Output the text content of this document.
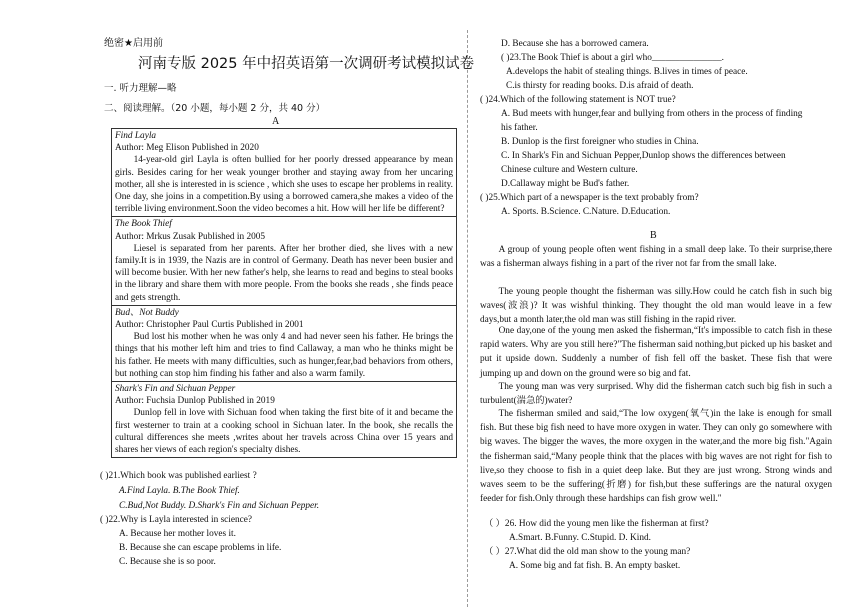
绝密★启用前
河南专版 2025 年中招英语第一次调研考试模拟试卷
一. 听力理解—略
二、阅读理解。（20 小题，每小题 2 分，共 40 分）
A
Find Layla
Author: Meg Elison Published in 2020

14-year-old girl Layla is often bullied for her poorly dressed appearance by mean girls. Besides caring for her weak younger brother and staying away from her uncaring mother, all she is interested in is science , which she uses to escape her problems in reality. One day, she joins in a competition.By using a borrowed camera,she makes a video of the terrible living environment.Soon the video becomes a hit. How will her life be different?

The Book Thief
Author: Mrkus Zusak Published in 2005

Liesel is separated from her parents. After her brother died, she lives with a new family.It is in 1939, the Nazis are in control of Germany. Death has never been busier and will become busier. With her new father's help, she learns to read and begins to steal books in the library and share them with more people. From the books she reads , she finds peace and gets strength.

Bud、Not Buddy
Author: Christopher Paul Curtis Published in 2001

Bud lost his mother when he was only 4 and had never seen his father. He brings the things that his mother left him and tries to find Callaway, a man who he thinks might be his father. He meets with many difficulties, such as hunger,fear,bad behaviors from others, but nothing can stop him finding his father and also a warm family.

Shark's Fin and Sichuan Pepper
Author: Fuchsia Dunlop Published in 2019

Dunlop fell in love with Sichuan food when taking the first bite of it and became the first westerner to train at a cooking school in Sichuan later. In the book, she recalls the cultural differences she meets ,writes about her travels across China over 15 years and shares her views of each region's specialty dishes.

( )21.Which book was published earliest ?
A.Find Layla. B.The Book Thief.
C.Bud,Not Buddy. D.Shark's Fin and Sichuan Pepper.
( )22.Why is Layla interested in science?
A. Because her mother loves it.
B. Because she can escape problems in life.
C. Because she is so poor.
D. Because she has a borrowed camera.
( )23.The Book Thief is about a girl who_______________.
A.develops the habit of stealing things. B.lives in times of peace.
C.is thirsty for reading books. D.is afraid of death.
( )24.Which of the following statement is NOT true?
A. Bud meets with hunger,fear and bullying from others in the process of finding
his father.
B. Dunlop is the first foreigner who studies in China.
C. In Shark's Fin and Sichuan Pepper,Dunlop shows the differences between
Chinese culture and Western culture.
D.Callaway might be Bud's father.
( )25.Which part of a newspaper is the text probably from?
A. Sports. B.Science. C.Nature. D.Education.
B
A group of young people often went fishing in a small deep lake. To their surprise,there was a fisherman always fishing in a part of the river not far from the small lake.
The young people thought the fisherman was silly.How could he catch fish in such big waves(波浪)? It was wishful thinking. They thought the old man would leave in a few days,but a month later,the old man was still fishing in the rapid river.
One day,one of the young men asked the fisherman,“It's impossible to catch fish in these rapid waters. Why are you still here?"The fisherman said nothing,but picked up his basket and put it upside down. Suddenly a number of fish fell off the basket. These fish that were jumping up and down on the ground were so big and fat.
The young man was very surprised. Why did the fisherman catch such big fish in such a turbulent(湍急的)water?
The fisherman smiled and said,“The low oxygen(氧气)in the lake is enough for small fish. But these big fish need to have more oxygen in water. They can only go somewhere with big waves. The bigger the waves, the more oxygen in the water,and the more big fish."Again the fisherman said,“Many people think that the places with big waves are not right for fish to live,so they choose to fish in a quiet deep lake. But they are just wrong. Strong winds and waves seem to be the suffering(折磨) for fish,but these sufferings are the natural oxygen feeder for fish.Only through these hardships can fish grow well."
（ ）26. How did the young men like the fisherman at first?
A.Smart. B.Funny. C.Stupid. D. Kind.
（ ）27.What did the old man show to the young man?
A. Some big and fat fish. B. An empty basket.
